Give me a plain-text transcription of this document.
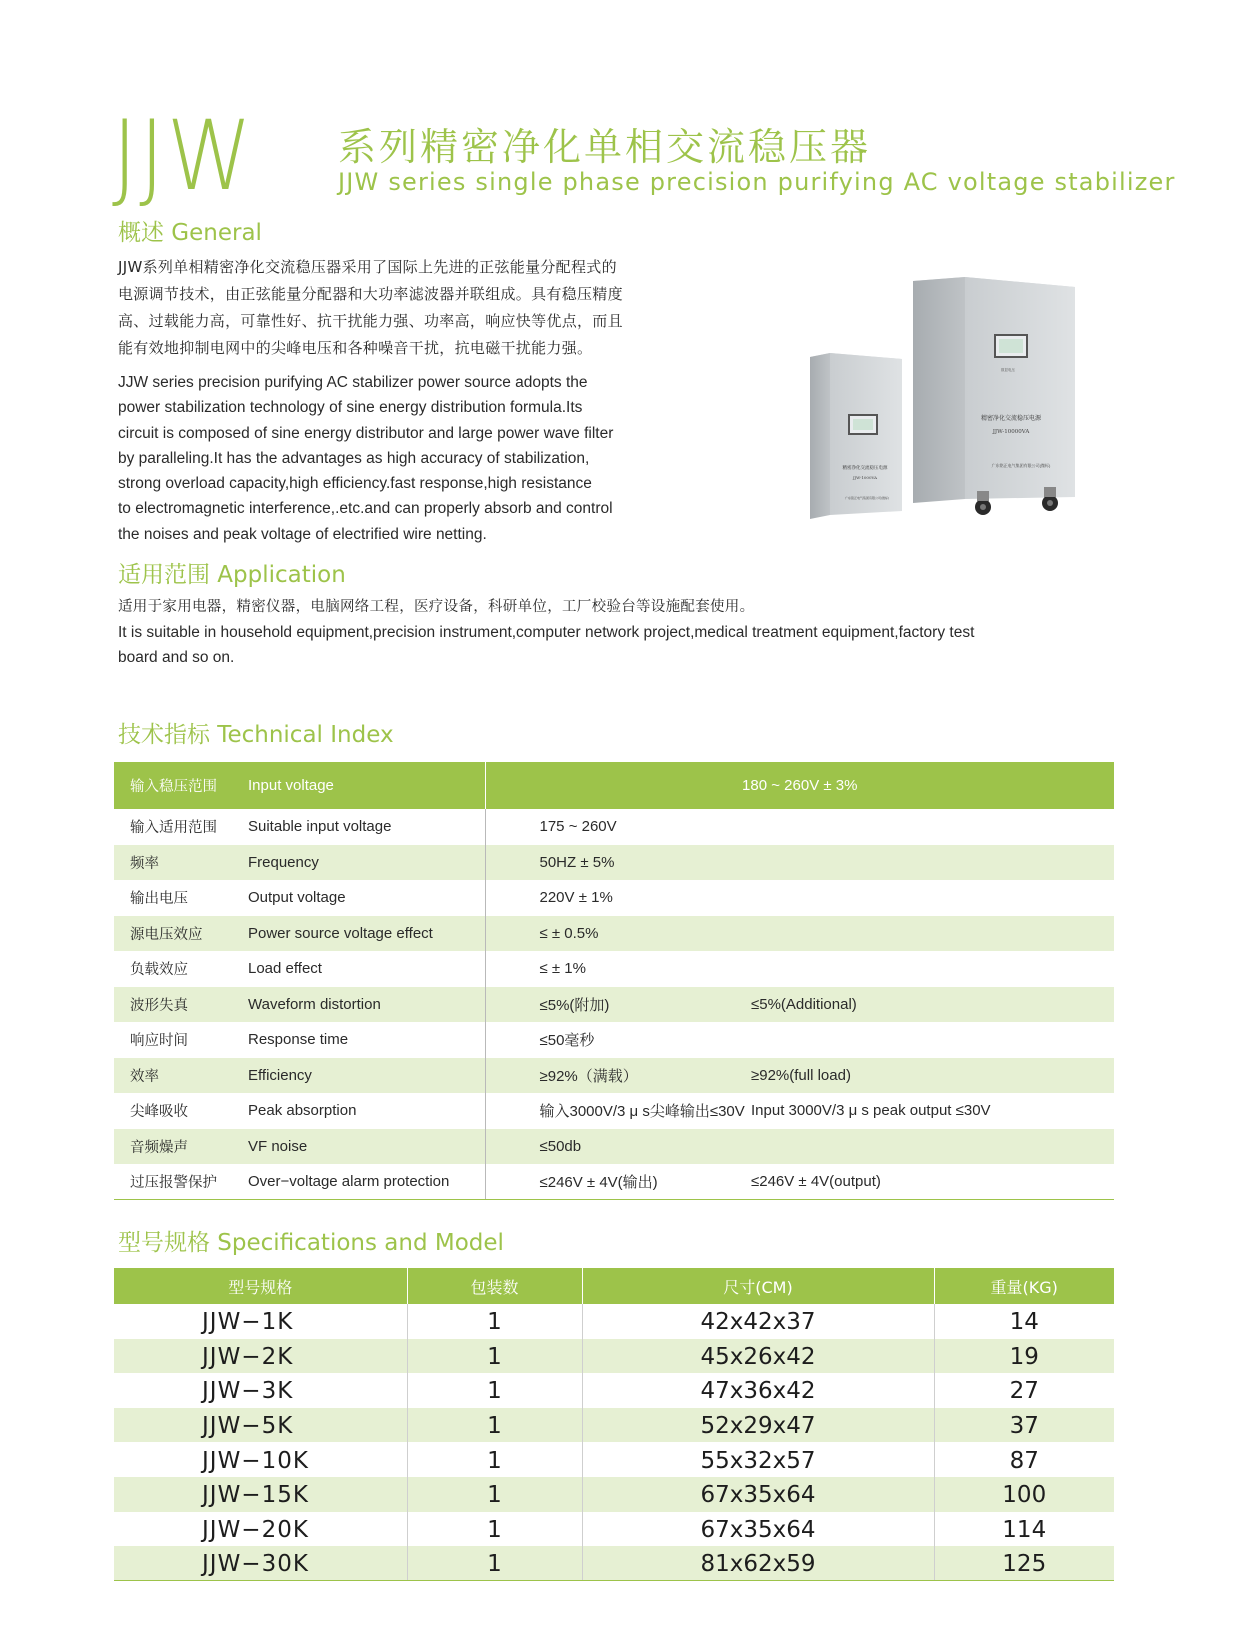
JJW 系列精密净化单相交流稳压器
JJW series single phase precision purifying AC voltage stabilizer
概述 General
JJW系列单相精密净化交流稳压器采用了国际上先进的正弦能量分配程式的
电源调节技术，由正弦能量分配器和大功率滤波器并联组成。具有稳压精度
高、过载能力高，可靠性好、抗干扰能力强、功率高，响应快等优点，而且
能有效地抑制电网中的尖峰电压和各种噪音干扰，抗电磁干扰能力强。
JJW series precision purifying AC stabilizer power source adopts the
power stabilization technology of sine energy distribution formula.Its
circuit is composed of sine energy distributor and large power wave filter
by paralleling.It has the advantages as high accuracy of stabilization,
strong overload capacity,high efficiency.fast response,high resistance
to electromagnetic interference,.etc.and can properly absorb and control
the noises and peak voltage of electrified wire netting.
数显电压
精密净化交流稳压电源
JJW-10000VA
广东铭正电气集团有限公司(微标)
精密净化交流稳压电源
JJW-1000VA
广东铭正电气集团有限公司(微标)
适用范围 Application
适用于家用电器，精密仪器，电脑网络工程，医疗设备，科研单位，工厂校验台等设施配套使用。
It is suitable in household equipment,precision instrument,computer network project,medical treatment equipment,factory test
board and so on.
技术指标 Technical Index
输入稳压范围	Input voltage	180 ~ 260V ± 3%	
输入适用范围	Suitable input voltage	175 ~ 260V	
频率	Frequency	50HZ ± 5%	
输出电压	Output voltage	220V ± 1%	
源电压效应	Power source voltage effect	≤ ± 0.5%	
负载效应	Load effect	≤ ± 1%	
波形失真	Waveform distortion	≤5%(附加)	≤5%(Additional)
响应时间	Response time	≤50毫秒	
效率	Efficiency	≥92%（满载）	≥92%(full load)
尖峰吸收	Peak absorption	输入3000V/3 μ s尖峰输出≤30V	Input 3000V/3 μ s peak output ≤30V
音频燥声	VF noise	≤50db	
过压报警保护	Over−voltage alarm protection	≤246V ± 4V(输出)	≤246V ± 4V(output)
型号规格 Specifications and Model
型号规格	包装数	尺寸(CM)	重量(KG)
JJW−1K	1	42x42x37	14
JJW−2K	1	45x26x42	19
JJW−3K	1	47x36x42	27
JJW−5K	1	52x29x47	37
JJW−10K	1	55x32x57	87
JJW−15K	1	67x35x64	100
JJW−20K	1	67x35x64	114
JJW−30K	1	81x62x59	125
